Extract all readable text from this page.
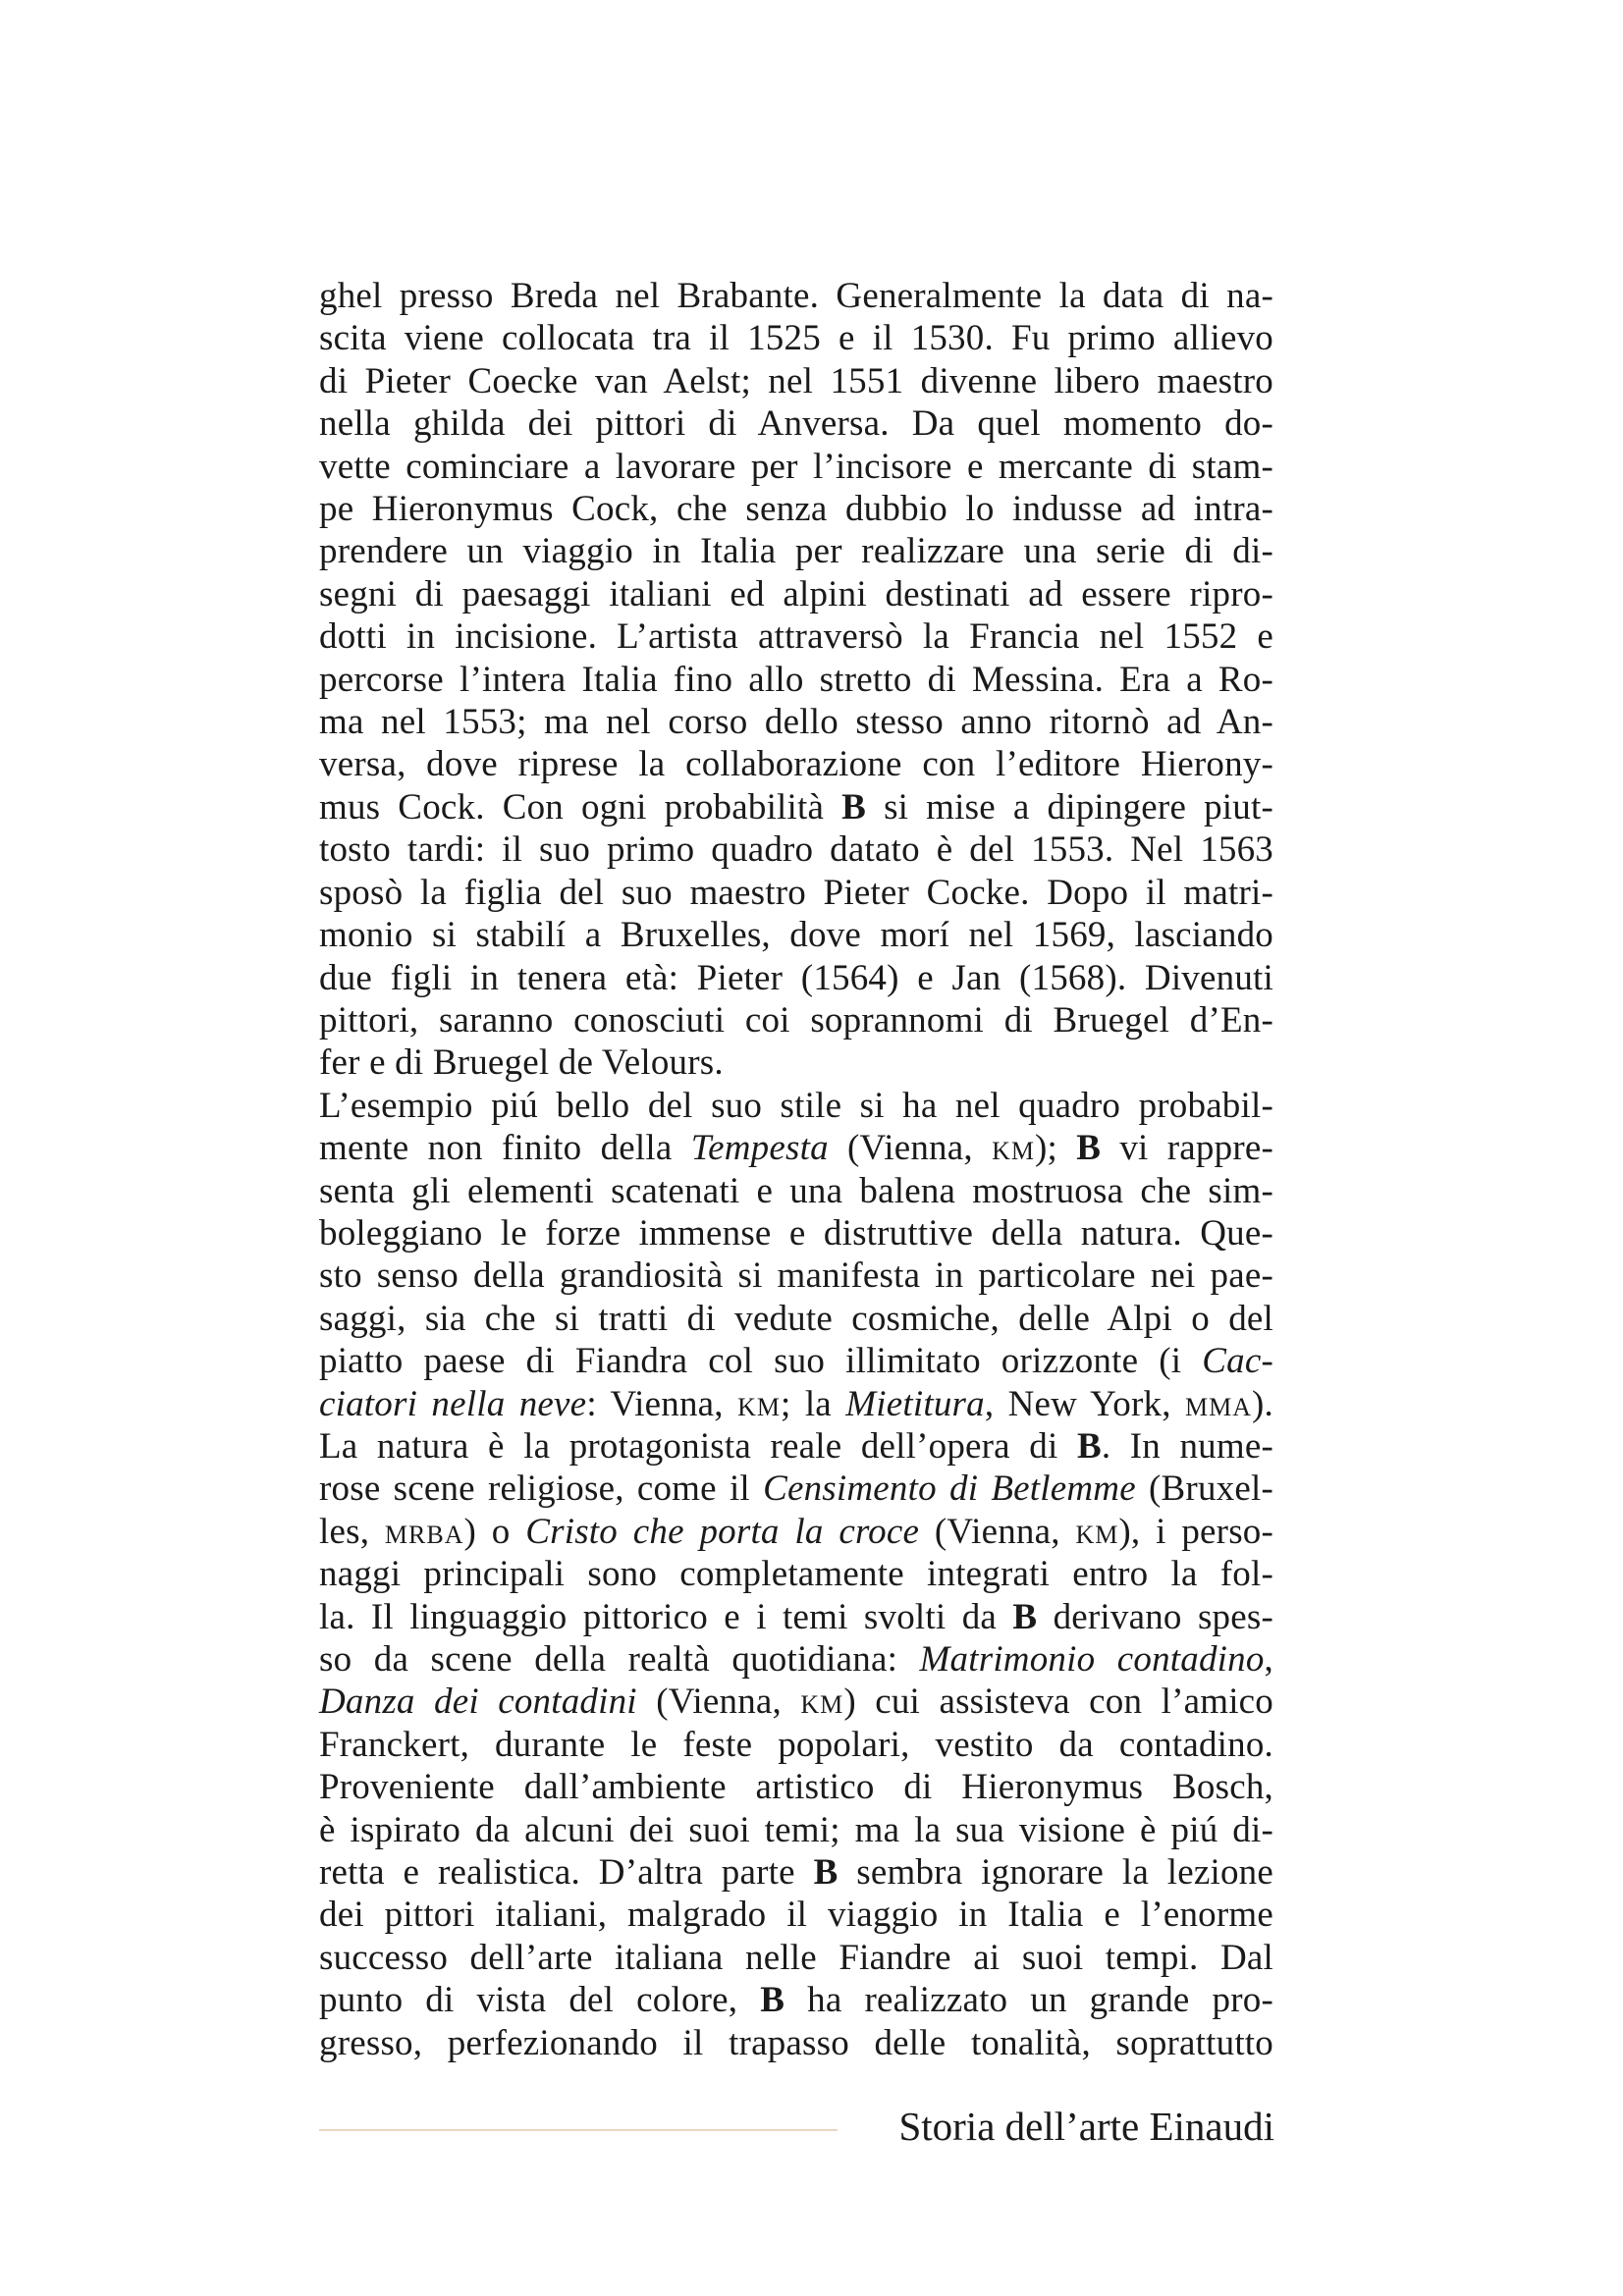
ghel presso Breda nel Brabante. Generalmente la data di na-
scita viene collocata tra il 1525 e il 1530. Fu primo allievo
di Pieter Coecke van Aelst; nel 1551 divenne libero maestro
nella ghilda dei pittori di Anversa. Da quel momento do-
vette cominciare a lavorare per l’incisore e mercante di stam-
pe Hieronymus Cock, che senza dubbio lo indusse ad intra-
prendere un viaggio in Italia per realizzare una serie di di-
segni di paesaggi italiani ed alpini destinati ad essere ripro-
dotti in incisione. L’artista attraversò la Francia nel 1552 e
percorse l’intera Italia fino allo stretto di Messina. Era a Ro-
ma nel 1553; ma nel corso dello stesso anno ritornò ad An-
versa, dove riprese la collaborazione con l’editore Hierony-
mus Cock. Con ogni probabilità B si mise a dipingere piut-
tosto tardi: il suo primo quadro datato è del 1553. Nel 1563
sposò la figlia del suo maestro Pieter Cocke. Dopo il matri-
monio si stabilí a Bruxelles, dove morí nel 1569, lasciando
due figli in tenera età: Pieter (1564) e Jan (1568). Divenuti
pittori, saranno conosciuti coi soprannomi di Bruegel d’En-
fer e di Bruegel de Velours.

L’esempio piú bello del suo stile si ha nel quadro probabil-
mente non finito della Tempesta (Vienna, km); B vi rappre-
senta gli elementi scatenati e una balena mostruosa che sim-
boleggiano le forze immense e distruttive della natura. Que-
sto senso della grandiosità si manifesta in particolare nei pae-
saggi, sia che si tratti di vedute cosmiche, delle Alpi o del
piatto paese di Fiandra col suo illimitato orizzonte (i Cac-
ciatori nella neve: Vienna, km; la Mietitura, New York, mma).
La natura è la protagonista reale dell’opera di B. In nume-
rose scene religiose, come il Censimento di Betlemme (Bruxel-
les, mrba) o Cristo che porta la croce (Vienna, km), i perso-
naggi principali sono completamente integrati entro la fol-
la. Il linguaggio pittorico e i temi svolti da B derivano spes-
so da scene della realtà quotidiana: Matrimonio contadino,
Danza dei contadini (Vienna, km) cui assisteva con l’amico
Franckert, durante le feste popolari, vestito da contadino.
Proveniente dall’ambiente artistico di Hieronymus Bosch,
è ispirato da alcuni dei suoi temi; ma la sua visione è piú di-
retta e realistica. D’altra parte B sembra ignorare la lezione
dei pittori italiani, malgrado il viaggio in Italia e l’enorme
successo dell’arte italiana nelle Fiandre ai suoi tempi. Dal
punto di vista del colore, B ha realizzato un grande pro-
gresso, perfezionando il trapasso delle tonalità, soprattutto

Storia dell’arte Einaudi
